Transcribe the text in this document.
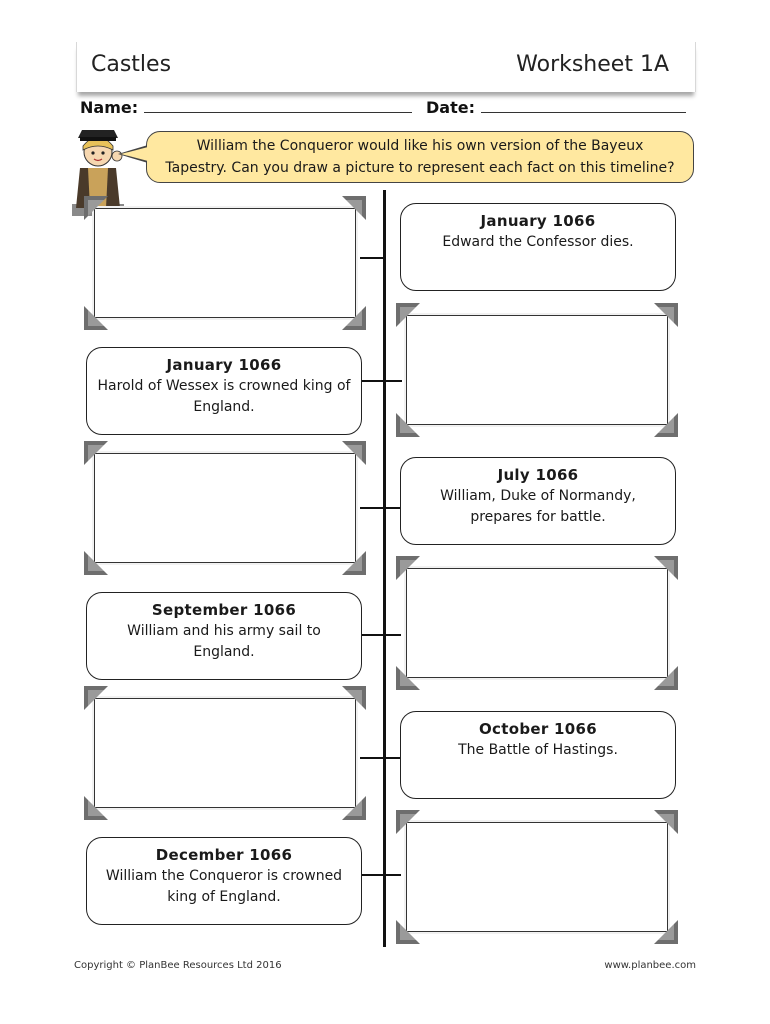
Castles	Worksheet 1A
Name:	Date:
William the Conqueror would like his own version of the Bayeux
Tapestry. Can you draw a picture to represent each fact on this timeline?
January 1066
Edward the Confessor dies.
January 1066
Harold of Wessex is crowned king of
England.
July 1066
William, Duke of Normandy,
prepares for battle.
September 1066
William and his army sail to
England.
October 1066
The Battle of Hastings.
December 1066
William the Conqueror is crowned
king of England.
Copyright © PlanBee Resources Ltd 2016	www.planbee.com
